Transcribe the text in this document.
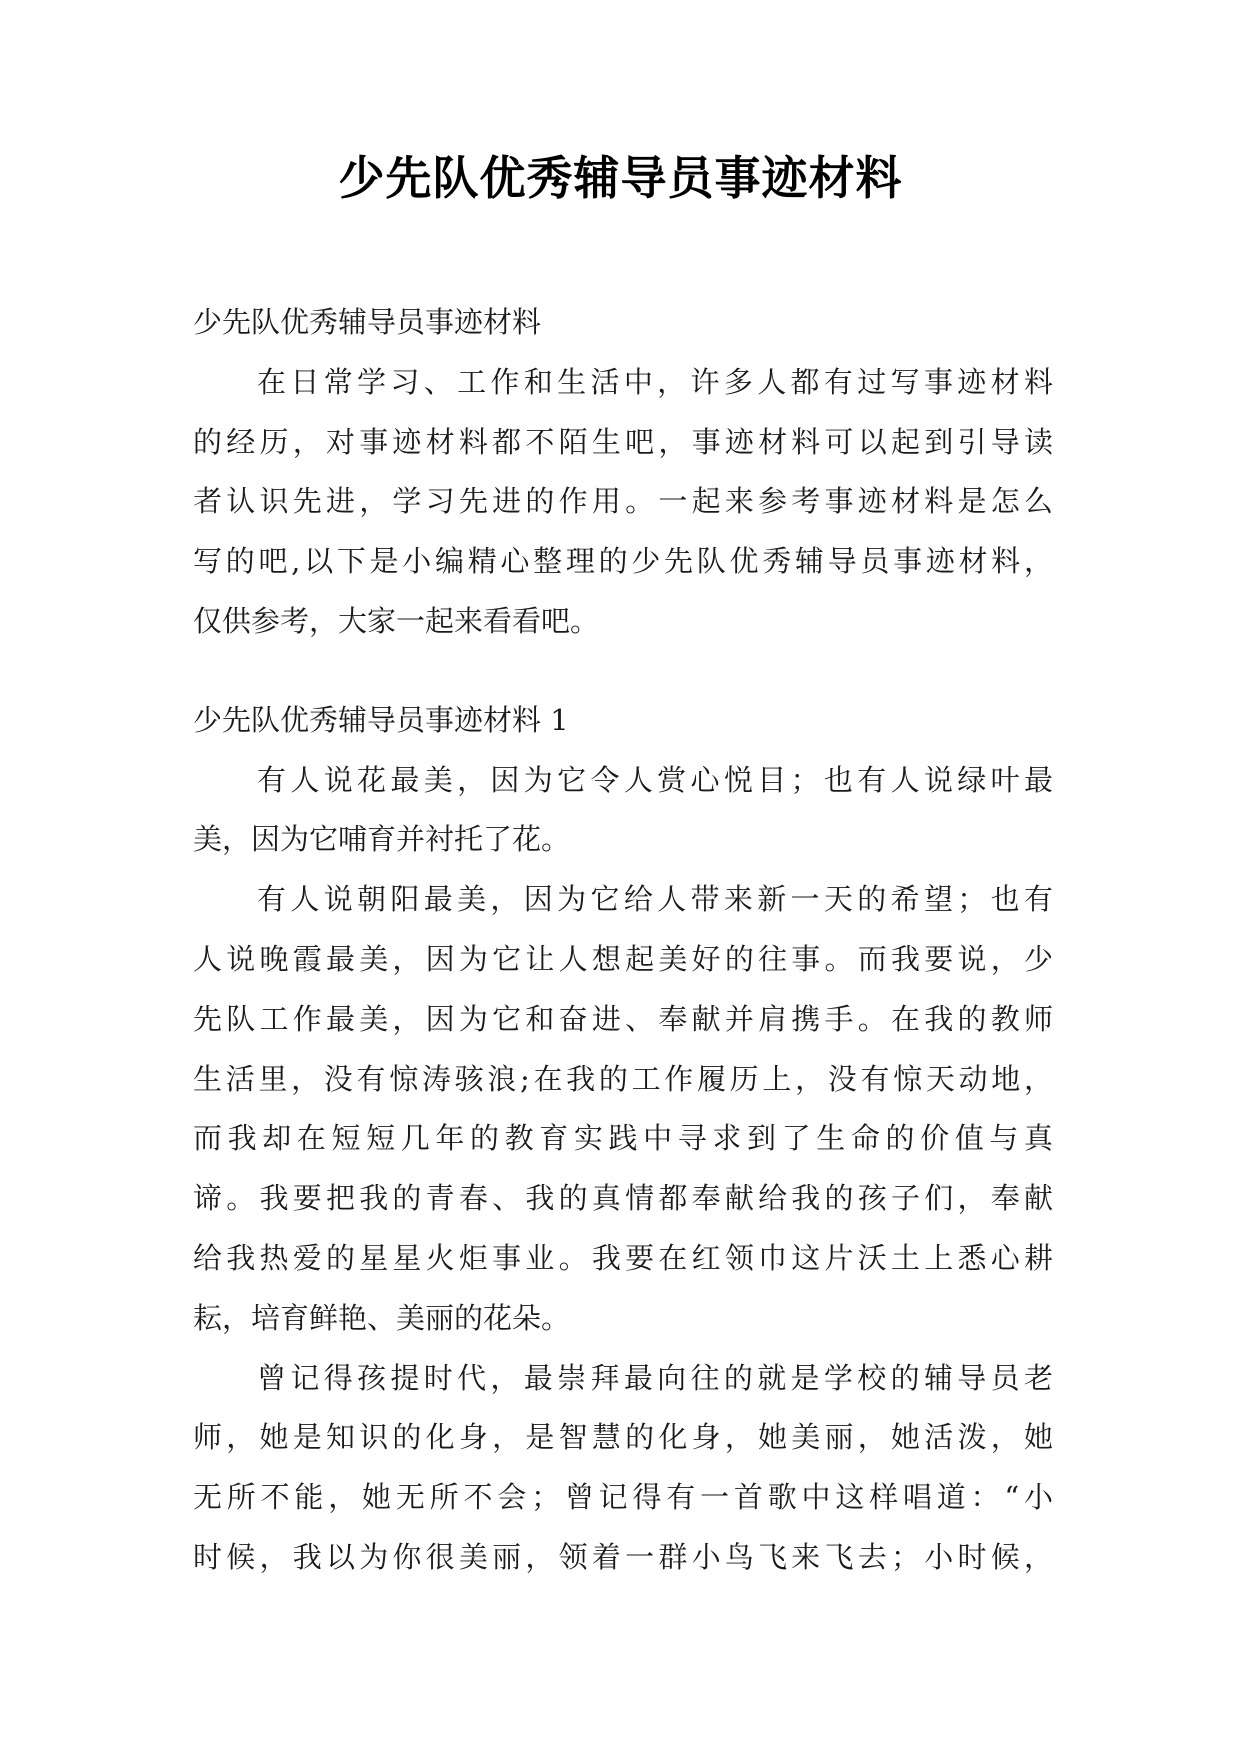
少先队优秀辅导员事迹材料
少先队优秀辅导员事迹材料
在日常学习、工作和生活中，许多人都有过写事迹材料
的经历，对事迹材料都不陌生吧，事迹材料可以起到引导读
者认识先进，学习先进的作用。一起来参考事迹材料是怎么
写的吧,以下是小编精心整理的少先队优秀辅导员事迹材料，
仅供参考，大家一起来看看吧。
少先队优秀辅导员事迹材料 1
有人说花最美，因为它令人赏心悦目；也有人说绿叶最
美，因为它哺育并衬托了花。
有人说朝阳最美，因为它给人带来新一天的希望；也有
人说晚霞最美，因为它让人想起美好的往事。而我要说，少
先队工作最美，因为它和奋进、奉献并肩携手。在我的教师
生活里，没有惊涛骇浪;在我的工作履历上，没有惊天动地，
而我却在短短几年的教育实践中寻求到了生命的价值与真
谛。我要把我的青春、我的真情都奉献给我的孩子们，奉献
给我热爱的星星火炬事业。我要在红领巾这片沃土上悉心耕
耘，培育鲜艳、美丽的花朵。
曾记得孩提时代，最崇拜最向往的就是学校的辅导员老
师，她是知识的化身，是智慧的化身，她美丽，她活泼，她
无所不能，她无所不会；曾记得有一首歌中这样唱道：“小
时候，我以为你很美丽，领着一群小鸟飞来飞去；小时候，
